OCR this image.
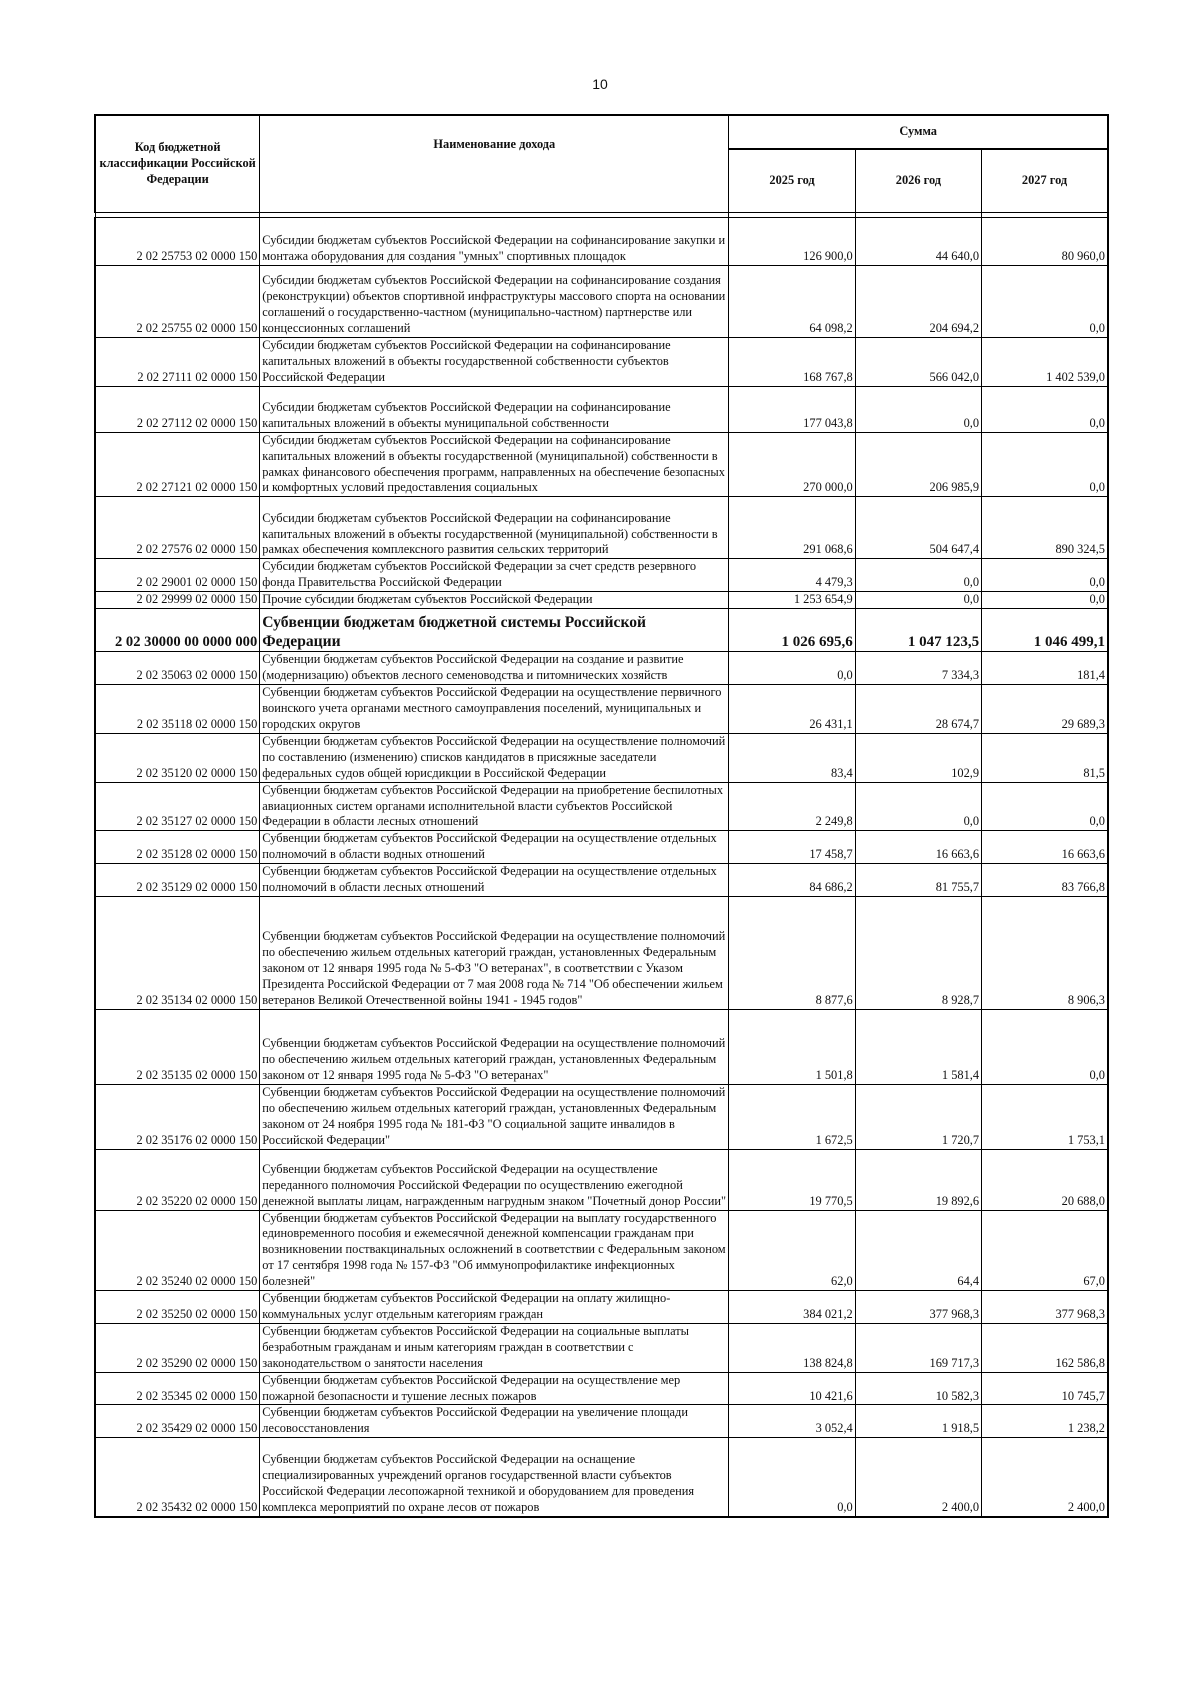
10
Код бюджетной классификации Российской Федерации	Наименование дохода	Сумма		
		2025 год	2026 год	2027 год

2 02 25753 02 0000 150	Субсидии бюджетам субъектов Российской Федерации на софинансирование закупки и монтажа оборудования для создания "умных" спортивных площадок	126 900,0	44 640,0	80 960,0
2 02 25755 02 0000 150	Субсидии бюджетам субъектов Российской Федерации на софинансирование создания (реконструкции) объектов спортивной инфраструктуры массового спорта на основании соглашений о государственно-частном (муниципально-частном) партнерстве или концессионных соглашений	64 098,2	204 694,2	0,0
2 02 27111 02 0000 150	Субсидии бюджетам субъектов Российской Федерации на софинансирование капитальных вложений в объекты государственной собственности субъектов Российской Федерации	168 767,8	566 042,0	1 402 539,0
2 02 27112 02 0000 150	Субсидии бюджетам субъектов Российской Федерации на софинансирование капитальных вложений в объекты муниципальной собственности	177 043,8	0,0	0,0
2 02 27121 02 0000 150	Субсидии бюджетам субъектов Российской Федерации на софинансирование капитальных вложений в объекты государственной (муниципальной) собственности в рамках финансового обеспечения программ, направленных на обеспечение безопасных и комфортных условий предоставления социальных	270 000,0	206 985,9	0,0
2 02 27576 02 0000 150	Субсидии бюджетам субъектов Российской Федерации на софинансирование капитальных вложений в объекты государственной (муниципальной) собственности в рамках обеспечения комплексного развития сельских территорий	291 068,6	504 647,4	890 324,5
2 02 29001 02 0000 150	Субсидии бюджетам субъектов Российской Федерации за счет средств резервного фонда Правительства Российской Федерации	4 479,3	0,0	0,0
2 02 29999 02 0000 150	Прочие субсидии бюджетам субъектов Российской Федерации	1 253 654,9	0,0	0,0
2 02 30000 00 0000 000	Субвенции бюджетам бюджетной системы Российской Федерации	1 026 695,6	1 047 123,5	1 046 499,1
2 02 35063 02 0000 150	Субвенции бюджетам субъектов Российской Федерации на создание и развитие (модернизацию) объектов лесного семеноводства и питомнических хозяйств	0,0	7 334,3	181,4
2 02 35118 02 0000 150	Субвенции бюджетам субъектов Российской Федерации на осуществление первичного воинского учета органами местного самоуправления поселений, муниципальных и городских округов	26 431,1	28 674,7	29 689,3
2 02 35120 02 0000 150	Субвенции бюджетам субъектов Российской Федерации на осуществление полномочий по составлению (изменению) списков кандидатов в присяжные заседатели федеральных судов общей юрисдикции в Российской Федерации	83,4	102,9	81,5
2 02 35127 02 0000 150	Субвенции бюджетам субъектов Российской Федерации на приобретение беспилотных авиационных систем органами исполнительной власти субъектов Российской Федерации в области лесных отношений	2 249,8	0,0	0,0
2 02 35128 02 0000 150	Субвенции бюджетам субъектов Российской Федерации на осуществление отдельных полномочий в области водных отношений	17 458,7	16 663,6	16 663,6
2 02 35129 02 0000 150	Субвенции бюджетам субъектов Российской Федерации на осуществление отдельных полномочий в области лесных отношений	84 686,2	81 755,7	83 766,8
2 02 35134 02 0000 150	Субвенции бюджетам субъектов Российской Федерации на осуществление полномочий по обеспечению жильем отдельных категорий граждан, установленных Федеральным законом от 12 января 1995 года № 5-ФЗ "О ветеранах", в соответствии с Указом Президента Российской Федерации от 7 мая 2008 года № 714 "Об обеспечении жильем ветеранов Великой Отечественной войны 1941 - 1945 годов"	8 877,6	8 928,7	8 906,3
2 02 35135 02 0000 150	Субвенции бюджетам субъектов Российской Федерации на осуществление полномочий по обеспечению жильем отдельных категорий граждан, установленных Федеральным законом от 12 января 1995 года № 5-ФЗ "О ветеранах"	1 501,8	1 581,4	0,0
2 02 35176 02 0000 150	Субвенции бюджетам субъектов Российской Федерации на осуществление полномочий по обеспечению жильем отдельных категорий граждан, установленных Федеральным законом от 24 ноября 1995 года № 181-ФЗ "О социальной защите инвалидов в Российской Федерации"	1 672,5	1 720,7	1 753,1
2 02 35220 02 0000 150	Субвенции бюджетам субъектов Российской Федерации на осуществление переданного полномочия Российской Федерации по осуществлению ежегодной денежной выплаты лицам, награжденным нагрудным знаком "Почетный донор России"	19 770,5	19 892,6	20 688,0
2 02 35240 02 0000 150	Субвенции бюджетам субъектов Российской Федерации на выплату государственного единовременного пособия и ежемесячной денежной компенсации гражданам при возникновении поствакцинальных осложнений в соответствии с Федеральным законом от 17 сентября 1998 года № 157-ФЗ "Об иммунопрофилактике инфекционных болезней"	62,0	64,4	67,0
2 02 35250 02 0000 150	Субвенции бюджетам субъектов Российской Федерации на оплату жилищно-коммунальных услуг отдельным категориям граждан	384 021,2	377 968,3	377 968,3
2 02 35290 02 0000 150	Субвенции бюджетам субъектов Российской Федерации на социальные выплаты безработным гражданам и иным категориям граждан в соответствии с законодательством о занятости населения	138 824,8	169 717,3	162 586,8
2 02 35345 02 0000 150	Субвенции бюджетам субъектов Российской Федерации на осуществление мер пожарной безопасности и тушение лесных пожаров	10 421,6	10 582,3	10 745,7
2 02 35429 02 0000 150	Субвенции бюджетам субъектов Российской Федерации на увеличение площади лесовосстановления	3 052,4	1 918,5	1 238,2
2 02 35432 02 0000 150	Субвенции бюджетам субъектов Российской Федерации на оснащение специализированных учреждений органов государственной власти субъектов Российской Федерации лесопожарной техникой и оборудованием для проведения комплекса мероприятий по охране лесов от пожаров	0,0	2 400,0	2 400,0
